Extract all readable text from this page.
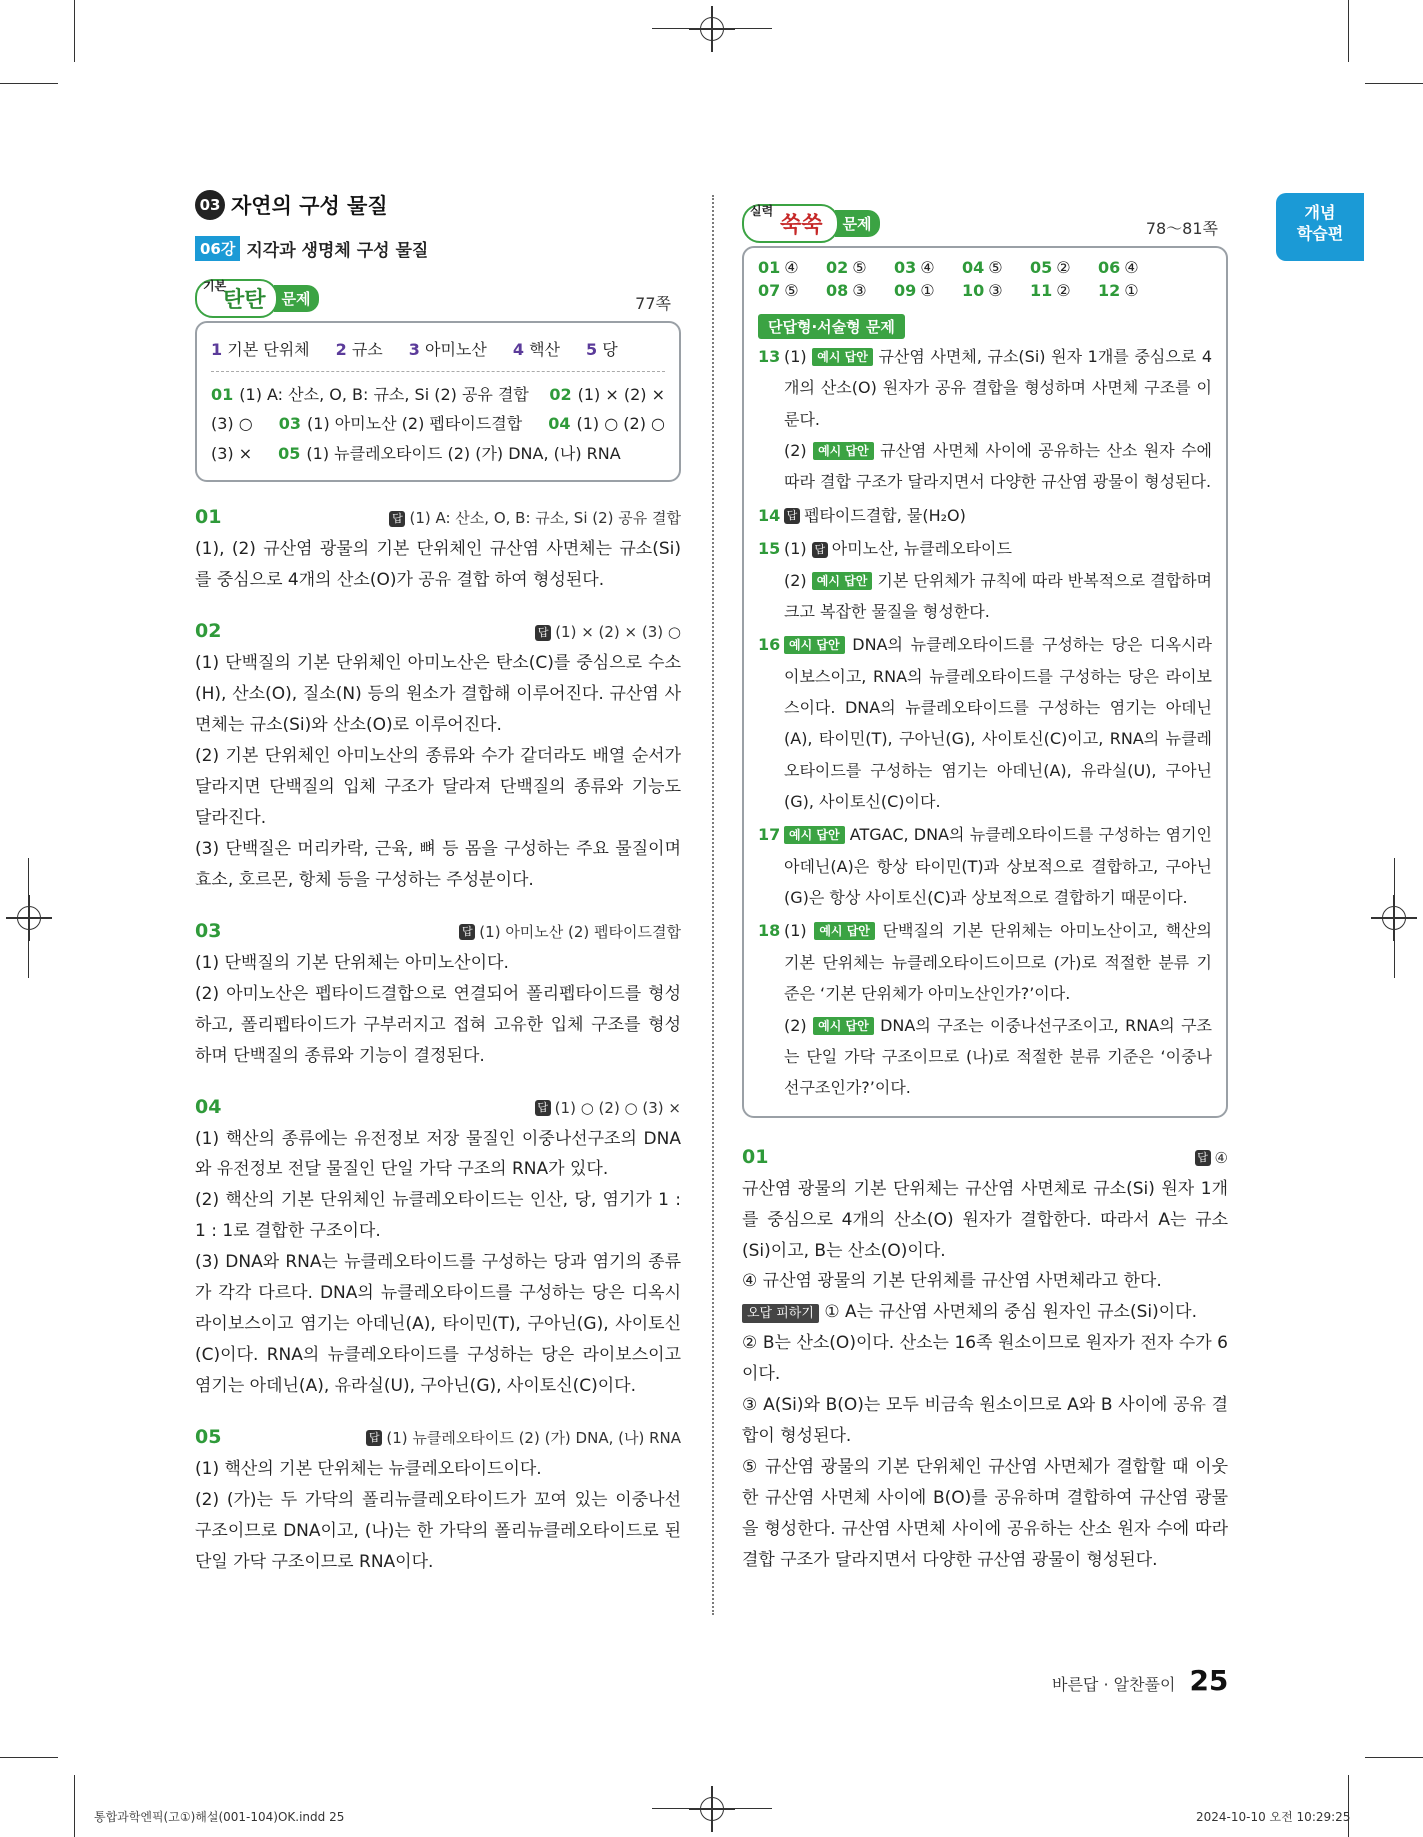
개념
학습편
03 자연의 구성 물질
06강 지각과 생명체 구성 물질
기본
탄탄	문제	77쪽
1 기본 단위체 2 규소 3 아미노산 4 핵산 5 당
01 (1) A: 산소, O, B: 규소, Si (2) 공유 결합 02 (1) × (2) ×
(3) ○ 03 (1) 아미노산 (2) 펩타이드결합 04 (1) ○ (2) ○
(3) × 05 (1) 뉴클레오타이드 (2) (가) DNA, (나) RNA
01	답 (1) A: 산소, O, B: 규소, Si (2) 공유 결합

(1), (2) 규산염 광물의 기본 단위체인 규산염 사면체는 규소(Si)를 중심으로 4개의 산소(O)가 공유 결합 하여 형성된다.

02	답 (1) × (2) × (3) ○

(1) 단백질의 기본 단위체인 아미노산은 탄소(C)를 중심으로 수소(H), 산소(O), 질소(N) 등의 원소가 결합해 이루어진다. 규산염 사면체는 규소(Si)와 산소(O)로 이루어진다.

(2) 기본 단위체인 아미노산의 종류와 수가 같더라도 배열 순서가 달라지면 단백질의 입체 구조가 달라져 단백질의 종류와 기능도 달라진다.

(3) 단백질은 머리카락, 근육, 뼈 등 몸을 구성하는 주요 물질이며 효소, 호르몬, 항체 등을 구성하는 주성분이다.

03	답 (1) 아미노산 (2) 펩타이드결합

(1) 단백질의 기본 단위체는 아미노산이다.

(2) 아미노산은 펩타이드결합으로 연결되어 폴리펩타이드를 형성하고, 폴리펩타이드가 구부러지고 접혀 고유한 입체 구조를 형성하며 단백질의 종류와 기능이 결정된다.

04	답 (1) ○ (2) ○ (3) ×

(1) 핵산의 종류에는 유전정보 저장 물질인 이중나선구조의 DNA와 유전정보 전달 물질인 단일 가닥 구조의 RNA가 있다.

(2) 핵산의 기본 단위체인 뉴클레오타이드는 인산, 당, 염기가 1 : 1 : 1로 결합한 구조이다.

(3) DNA와 RNA는 뉴클레오타이드를 구성하는 당과 염기의 종류가 각각 다르다. DNA의 뉴클레오타이드를 구성하는 당은 디옥시라이보스이고 염기는 아데닌(A), 타이민(T), 구아닌(G), 사이토신(C)이다. RNA의 뉴클레오타이드를 구성하는 당은 라이보스이고 염기는 아데닌(A), 유라실(U), 구아닌(G), 사이토신(C)이다.

05	답 (1) 뉴클레오타이드 (2) (가) DNA, (나) RNA

(1) 핵산의 기본 단위체는 뉴클레오타이드이다.

(2) (가)는 두 가닥의 폴리뉴클레오타이드가 꼬여 있는 이중나선 구조이므로 DNA이고, (나)는 한 가닥의 폴리뉴클레오타이드로 된 단일 가닥 구조이므로 RNA이다.

실력
쑥쑥	문제	78～81쪽
01 ④	02 ⑤	03 ④	04 ⑤	05 ②	06 ④
07 ⑤	08 ③	09 ①	10 ③	11 ②	12 ①
단답형·서술형 문제
13 (1) 예시 답안 규산염 사면체, 규소(Si) 원자 1개를 중심으로 4개의 산소(O) 원자가 공유 결합을 형성하며 사면체 구조를 이룬다.
(2) 예시 답안 규산염 사면체 사이에 공유하는 산소 원자 수에 따라 결합 구조가 달라지면서 다양한 규산염 광물이 형성된다.
14 답 펩타이드결합, 물(H₂O)
15 (1) 답 아미노산, 뉴클레오타이드
(2) 예시 답안 기본 단위체가 규칙에 따라 반복적으로 결합하며 크고 복잡한 물질을 형성한다.
16 예시 답안 DNA의 뉴클레오타이드를 구성하는 당은 디옥시라이보스이고, RNA의 뉴클레오타이드를 구성하는 당은 라이보스이다. DNA의 뉴클레오타이드를 구성하는 염기는 아데닌(A), 타이민(T), 구아닌(G), 사이토신(C)이고, RNA의 뉴클레오타이드를 구성하는 염기는 아데닌(A), 유라실(U), 구아닌(G), 사이토신(C)이다.
17 예시 답안 ATGAC, DNA의 뉴클레오타이드를 구성하는 염기인 아데닌(A)은 항상 타이민(T)과 상보적으로 결합하고, 구아닌(G)은 항상 사이토신(C)과 상보적으로 결합하기 때문이다.
18 (1) 예시 답안 단백질의 기본 단위체는 아미노산이고, 핵산의 기본 단위체는 뉴클레오타이드이므로 (가)로 적절한 분류 기준은 ‘기본 단위체가 아미노산인가?’이다.
(2) 예시 답안 DNA의 구조는 이중나선구조이고, RNA의 구조는 단일 가닥 구조이므로 (나)로 적절한 분류 기준은 ‘이중나선구조인가?’이다.
01	답 ④

규산염 광물의 기본 단위체는 규산염 사면체로 규소(Si) 원자 1개를 중심으로 4개의 산소(O) 원자가 결합한다. 따라서 A는 규소(Si)이고, B는 산소(O)이다.

④ 규산염 광물의 기본 단위체를 규산염 사면체라고 한다.

오답 피하기 ① A는 규산염 사면체의 중심 원자인 규소(Si)이다.

② B는 산소(O)이다. 산소는 16족 원소이므로 원자가 전자 수가 6이다.

③ A(Si)와 B(O)는 모두 비금속 원소이므로 A와 B 사이에 공유 결합이 형성된다.

⑤ 규산염 광물의 기본 단위체인 규산염 사면체가 결합할 때 이웃한 규산염 사면체 사이에 B(O)를 공유하며 결합하여 규산염 광물을 형성한다. 규산염 사면체 사이에 공유하는 산소 원자 수에 따라 결합 구조가 달라지면서 다양한 규산염 광물이 형성된다.

바른답 · 알찬풀이 25
통합과학엔픽(고①)해설(001-104)OK.indd 25	2024-10-10 오전 10:29:25
